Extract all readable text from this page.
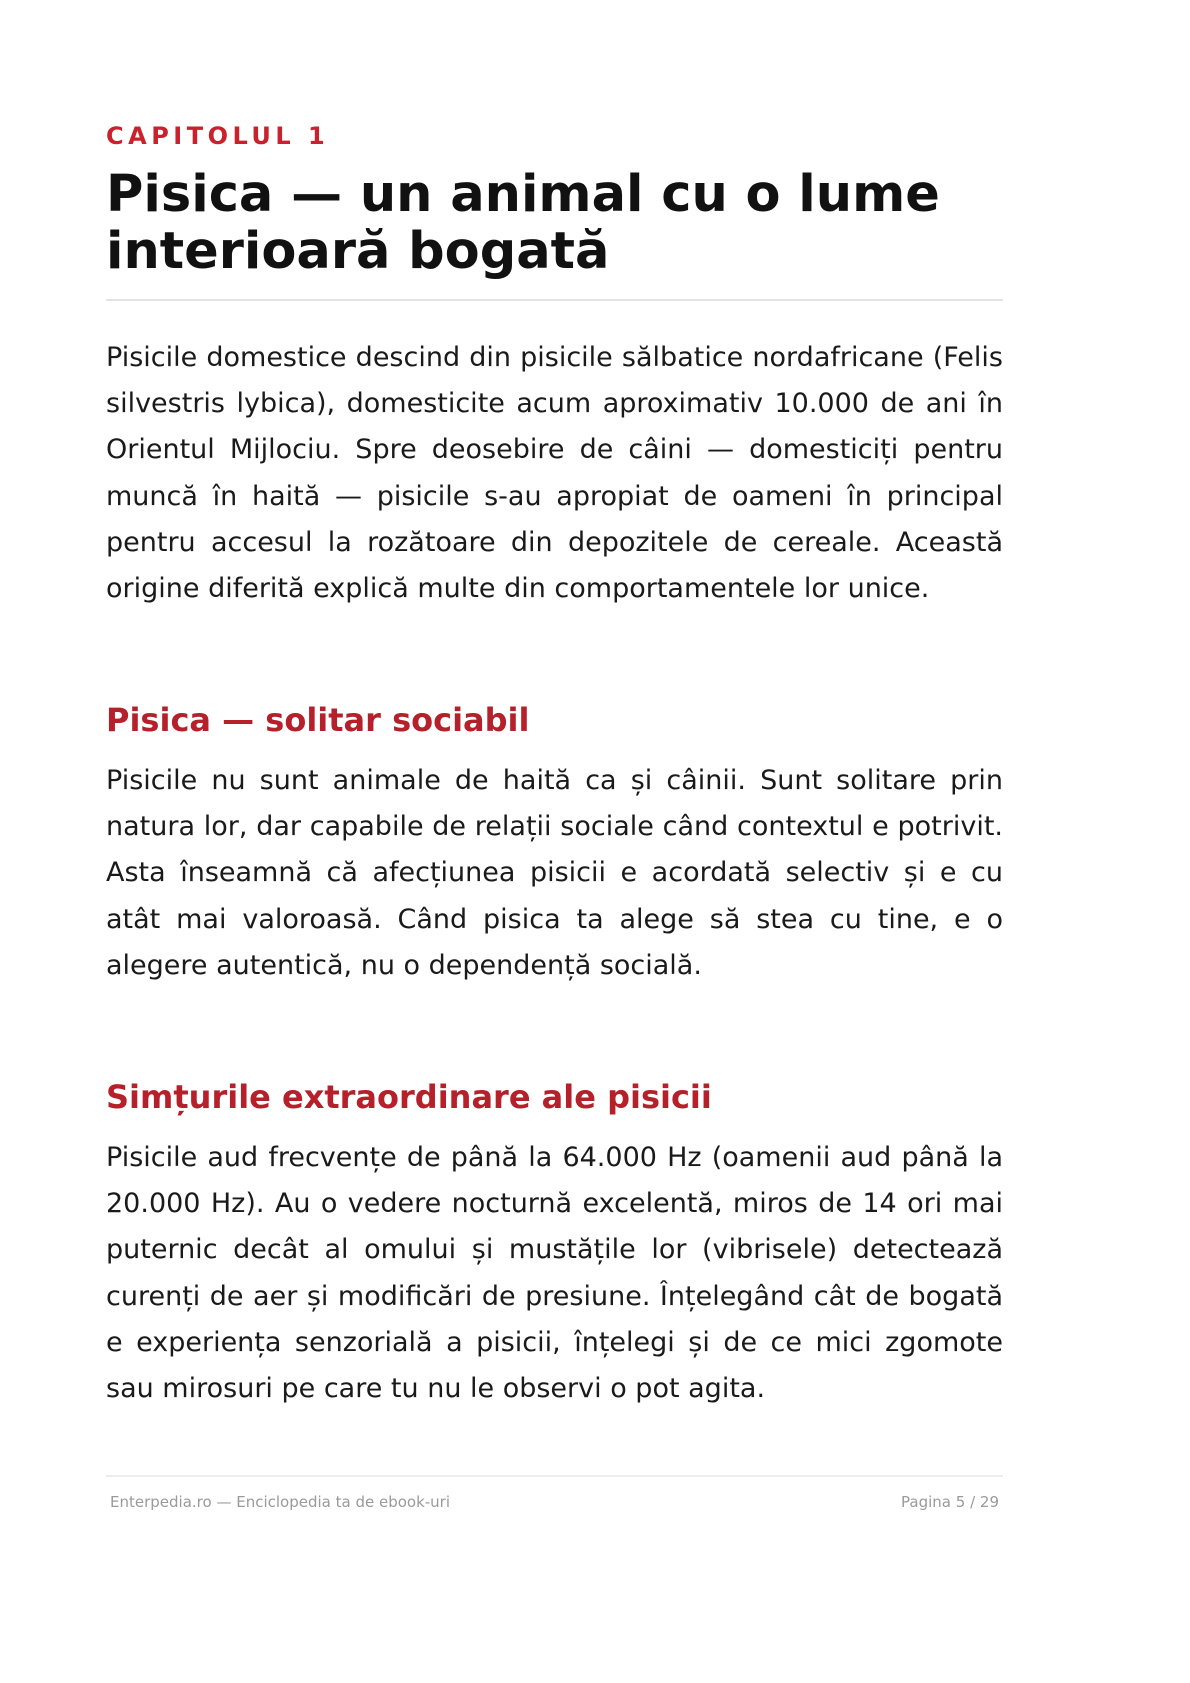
CAPITOLUL 1
Pisica — un animal cu o lume interioară bogată

Pisicile domestice descind din pisicile sălbatice nordafricane (Felis silvestris lybica), domesticite acum aproximativ 10.000 de ani în Orientul Mijlociu. Spre deosebire de câini — domesticiți pentru muncă în haită — pisicile s-au apropiat de oameni în principal pentru accesul la rozătoare din depozitele de cereale. Această origine diferită explică multe din comportamentele lor unice.

Pisica — solitar sociabil

Pisicile nu sunt animale de haită ca și câinii. Sunt solitare prin natura lor, dar capabile de relații sociale când contextul e potrivit. Asta înseamnă că afecțiunea pisicii e acordată selectiv și e cu atât mai valoroasă. Când pisica ta alege să stea cu tine, e o alegere autentică, nu o dependență socială.

Simțurile extraordinare ale pisicii

Pisicile aud frecvențe de până la 64.000 Hz (oamenii aud până la 20.000 Hz). Au o vedere nocturnă excelentă, miros de 14 ori mai puternic decât al omului și mustățile lor (vibrisele) detectează curenți de aer și modificări de presiune. Înțelegând cât de bogată e experiența senzorială a pisicii, înțelegi și de ce mici zgomote sau mirosuri pe care tu nu le observi o pot agita.

Enterpedia.ro — Enciclopedia ta de ebook-uri	Pagina 5 / 29
